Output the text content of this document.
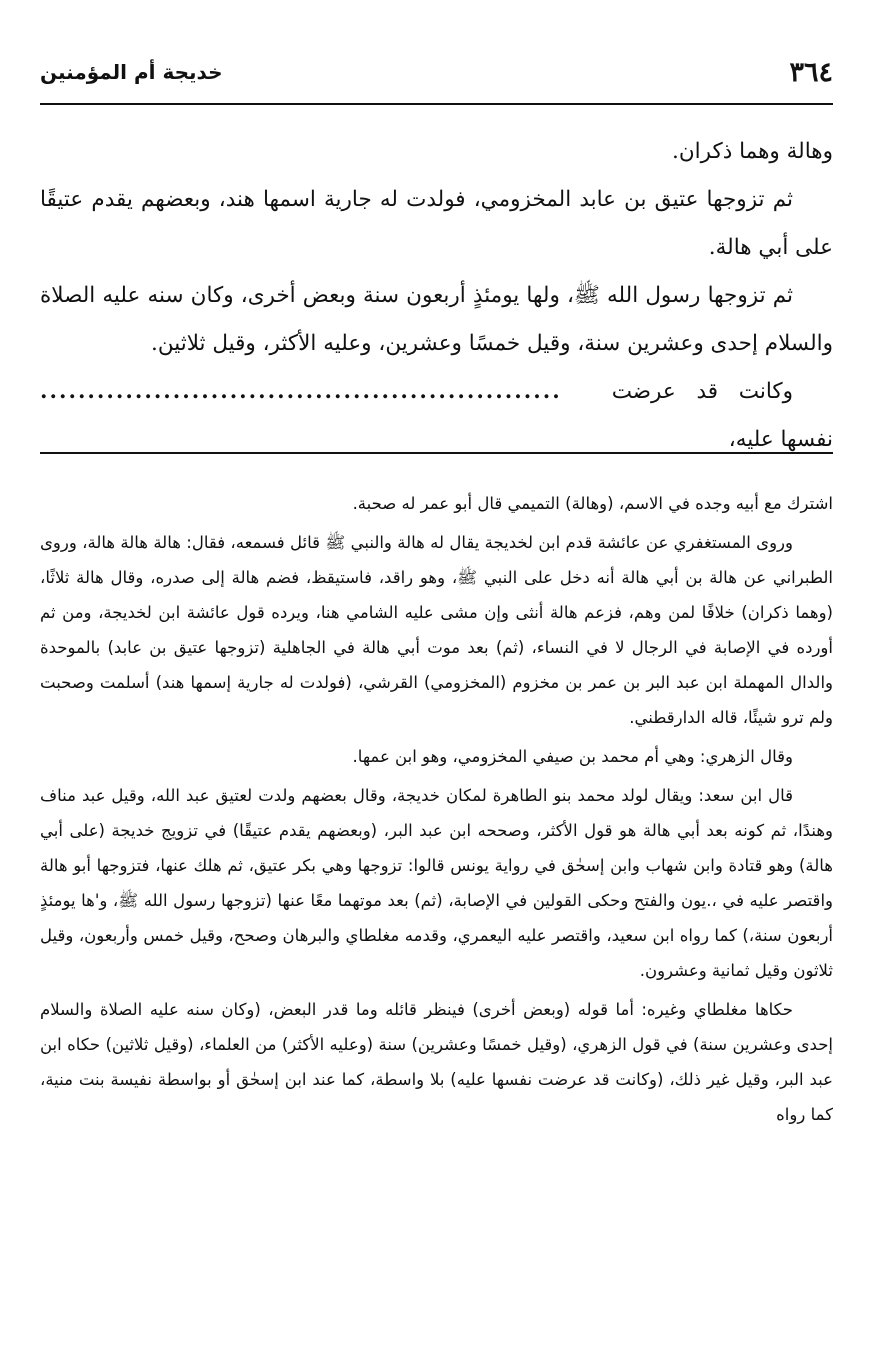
٣٦٤
خديجة أم المؤمنين

وهالة وهما ذكران.

ثم تزوجها عتيق بن عابد المخزومي، فولدت له جارية اسمها هند، وبعضهم يقدم عتيقًا على أبي هالة.

ثم تزوجها رسول الله ﷺ، ولها يومئذٍ أربعون سنة وبعض أخرى، وكان سنه عليه الصلاة والسلام إحدى وعشرين سنة، وقيل خمسًا وعشرين، وعليه الأكثر، وقيل ثلاثين.

وكانت قد عرضت نفسها عليه،
.......................................................

اشترك مع أبيه وجده في الاسم، (وهالة) التميمي قال أبو عمر له صحبة.

وروى المستغفري عن عائشة قدم ابن لخديجة يقال له هالة والنبي ﷺ قائل فسمعه، فقال: هالة هالة هالة، وروى الطبراني عن هالة بن أبي هالة أنه دخل على النبي ﷺ، وهو راقد، فاستيقظ، فضم هالة إلى صدره، وقال هالة ثلاثًا، (وهما ذكران) خلافًا لمن وهم، فزعم هالة أنثى وإن مشى عليه الشامي هنا، ويرده قول عائشة ابن لخديجة، ومن ثم أورده في الإصابة في الرجال لا في النساء، (ثم) بعد موت أبي هالة في الجاهلية (تزوجها عتيق بن عابد) بالموحدة والدال المهملة ابن عبد البر بن عمر بن مخزوم (المخزومي) القرشي، (فولدت له جارية إسمها هند) أسلمت وصحبت ولم ترو شيئًا، قاله الدارقطني.

وقال الزهري: وهي أم محمد بن صيفي المخزومي، وهو ابن عمها.

قال ابن سعد: ويقال لولد محمد بنو الطاهرة لمكان خديجة، وقال بعضهم ولدت لعتيق عبد الله، وقيل عبد مناف وهندًا، ثم كونه بعد أبي هالة هو قول الأكثر، وصححه ابن عبد البر، (وبعضهم يقدم عتيقًا) في تزويج خديجة (على أبي هالة) وهو قتادة وابن شهاب وابن إسحٰق في رواية يونس قالوا: تزوجها وهي بكر عتيق، ثم هلك عنها، فتزوجها أبو هالة واقتصر عليه في ،.يون والفتح وحكى القولين في الإصابة، (ثم) بعد موتهما معًا عنها (تزوجها رسول الله ﷺ، و'ها يومئذٍ أربعون سنة،) كما رواه ابن سعيد، واقتصر عليه اليعمري، وقدمه مغلطاي والبرهان وصحح، وقيل خمس وأربعون، وقيل ثلاثون وقيل ثمانية وعشرون.

حكاها مغلطاي وغيره: أما قوله (وبعض أخرى) فينظر قائله وما قدر البعض، (وكان سنه عليه الصلاة والسلام إحدى وعشرين سنة) في قول الزهري، (وقيل خمسًا وعشرين) سنة (وعليه الأكثر) من العلماء، (وقيل ثلاثين) حكاه ابن عبد البر، وقيل غير ذلك، (وكانت قد عرضت نفسها عليه) بلا واسطة، كما عند ابن إسحٰق أو بواسطة نفيسة بنت منية، كما رواه
